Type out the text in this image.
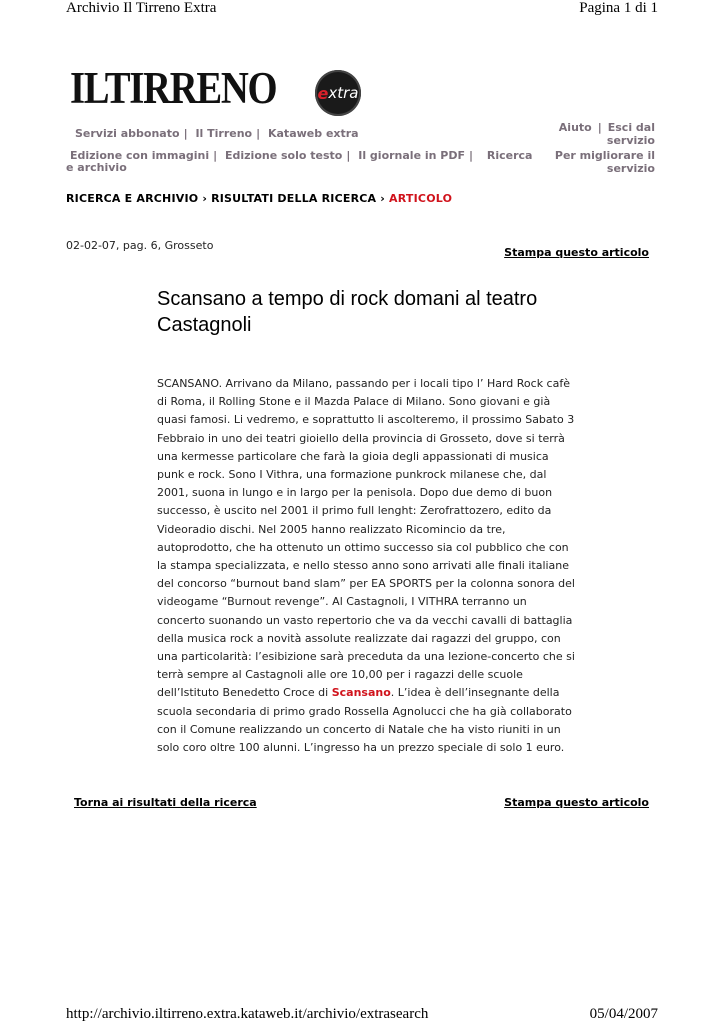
Archivio Il Tirreno Extra	Pagina 1 di 1
ILTIRRENO	e xtra
Servizi abbonato | Il Tirreno | Kataweb extra
Edizione con immagini | Edizione solo testo | Il giornale in PDF | Ricerca
e archivio
Aiuto | Esci dal
servizio
Per migliorare il
servizio
RICERCA E ARCHIVIO › RISULTATI DELLA RICERCA › ARTICOLO
02-02-07, pag. 6, Grosseto
Stampa questo articolo
Scansano a tempo di rock domani al teatro Castagnoli
SCANSANO. Arrivano da Milano, passando per i locali tipo l’ Hard Rock cafè di Roma, il Rolling Stone e il Mazda Palace di Milano. Sono giovani e già quasi famosi. Li vedremo, e soprattutto li ascolteremo, il prossimo Sabato 3 Febbraio in uno dei teatri gioiello della provincia di Grosseto, dove si terrà una kermesse particolare che farà la gioia degli appassionati di musica punk e rock. Sono I Vithra, una formazione punkrock milanese che, dal 2001, suona in lungo e in largo per la penisola. Dopo due demo di buon successo, è uscito nel 2001 il primo full lenght: Zerofrattozero, edito da Videoradio dischi. Nel 2005 hanno realizzato Ricomincio da tre, autoprodotto, che ha ottenuto un ottimo successo sia col pubblico che con la stampa specializzata, e nello stesso anno sono arrivati alle finali italiane del concorso “burnout band slam” per EA SPORTS per la colonna sonora del videogame “Burnout revenge”. Al Castagnoli, I VITHRA terranno un concerto suonando un vasto repertorio che va da vecchi cavalli di battaglia della musica rock a novità assolute realizzate dai ragazzi del gruppo, con una particolarità: l’esibizione sarà preceduta da una lezione-concerto che si terrà sempre al Castagnoli alle ore 10,00 per i ragazzi delle scuole dell’Istituto Benedetto Croce di Scansano. L’idea è dell’insegnante della scuola secondaria di primo grado Rossella Agnolucci che ha già collaborato con il Comune realizzando un concerto di Natale che ha visto riuniti in un solo coro oltre 100 alunni. L’ingresso ha un prezzo speciale di solo 1 euro.
Torna ai risultati della ricerca	Stampa questo articolo
http://archivio.iltirreno.extra.kataweb.it/archivio/extrasearch	05/04/2007
